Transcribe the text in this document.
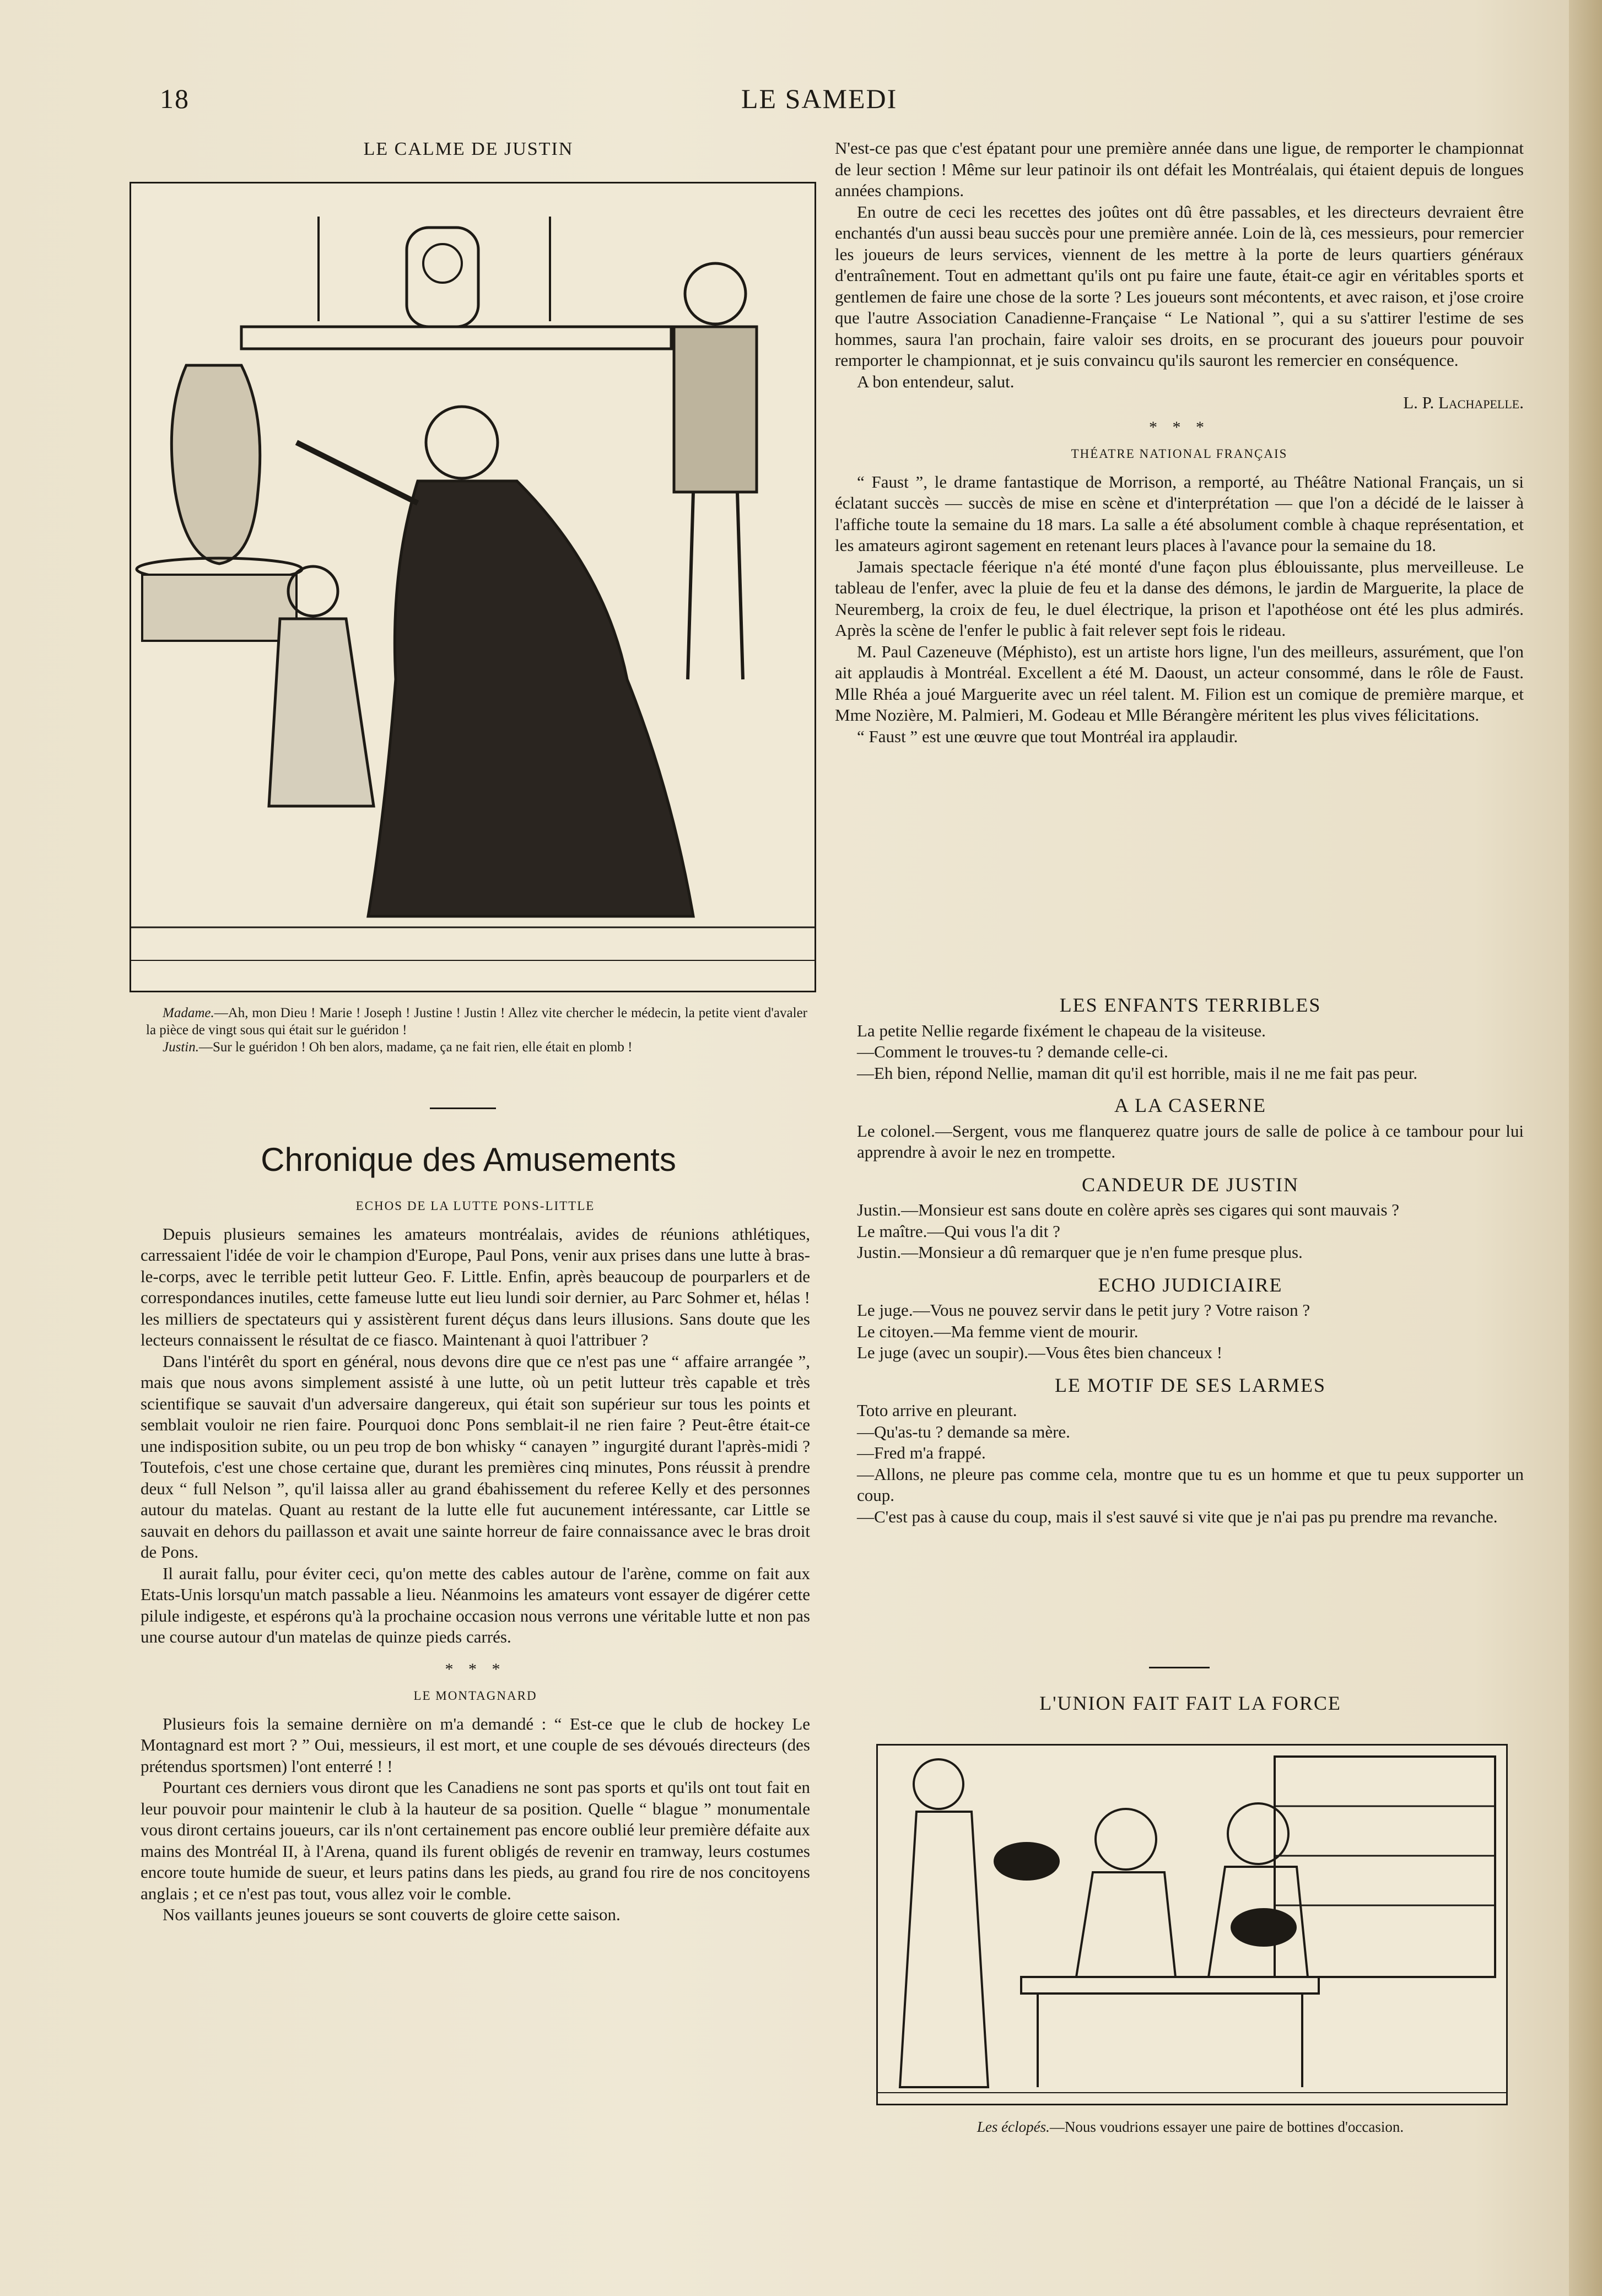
18	LE SAMEDI
LE CALME DE JUSTIN

Madame.—Ah, mon Dieu ! Marie ! Joseph ! Justine ! Justin ! Allez vite chercher le médecin, la petite vient d'avaler la pièce de vingt sous qui était sur le guéridon !

Justin.—Sur le guéridon ! Oh ben alors, madame, ça ne fait rien, elle était en plomb !

Chronique des Amusements
ECHOS DE LA LUTTE PONS-LITTLE

Depuis plusieurs semaines les amateurs montréalais, avides de réunions athlétiques, carressaient l'idée de voir le champion d'Europe, Paul Pons, venir aux prises dans une lutte à bras-le-corps, avec le terrible petit lutteur Geo. F. Little. Enfin, après beaucoup de pourparlers et de correspondances inutiles, cette fameuse lutte eut lieu lundi soir dernier, au Parc Sohmer et, hélas ! les milliers de spectateurs qui y assistèrent furent déçus dans leurs illusions. Sans doute que les lecteurs connaissent le résultat de ce fiasco. Maintenant à quoi l'attribuer ?

Dans l'intérêt du sport en général, nous devons dire que ce n'est pas une “ affaire arrangée ”, mais que nous avons simplement assisté à une lutte, où un petit lutteur très capable et très scientifique se sauvait d'un adversaire dangereux, qui était son supérieur sur tous les points et semblait vouloir ne rien faire. Pourquoi donc Pons semblait-il ne rien faire ? Peut-être était-ce une indisposition subite, ou un peu trop de bon whisky “ canayen ” ingurgité durant l'après-midi ? Toutefois, c'est une chose certaine que, durant les premières cinq minutes, Pons réussit à prendre deux “ full Nelson ”, qu'il laissa aller au grand ébahissement du referee Kelly et des personnes autour du matelas. Quant au restant de la lutte elle fut aucunement intéressante, car Little se sauvait en dehors du paillasson et avait une sainte horreur de faire connaissance avec le bras droit de Pons.

Il aurait fallu, pour éviter ceci, qu'on mette des cables autour de l'arène, comme on fait aux Etats-Unis lorsqu'un match passable a lieu. Néanmoins les amateurs vont essayer de digérer cette pilule indigeste, et espérons qu'à la prochaine occasion nous verrons une véritable lutte et non pas une course autour d'un matelas de quinze pieds carrés.

* * *
LE MONTAGNARD

Plusieurs fois la semaine dernière on m'a demandé : “ Est-ce que le club de hockey Le Montagnard est mort ? ” Oui, messieurs, il est mort, et une couple de ses dévoués directeurs (des prétendus sportsmen) l'ont enterré ! !

Pourtant ces derniers vous diront que les Canadiens ne sont pas sports et qu'ils ont tout fait en leur pouvoir pour maintenir le club à la hauteur de sa position. Quelle “ blague ” monumentale vous diront certains joueurs, car ils n'ont certainement pas encore oublié leur première défaite aux mains des Montréal II, à l'Arena, quand ils furent obligés de revenir en tramway, leurs costumes encore toute humide de sueur, et leurs patins dans les pieds, au grand fou rire de nos concitoyens anglais ; et ce n'est pas tout, vous allez voir le comble.

Nos vaillants jeunes joueurs se sont couverts de gloire cette saison.

N'est-ce pas que c'est épatant pour une première année dans une ligue, de remporter le championnat de leur section ! Même sur leur patinoir ils ont défait les Montréalais, qui étaient depuis de longues années champions.

En outre de ceci les recettes des joûtes ont dû être passables, et les directeurs devraient être enchantés d'un aussi beau succès pour une première année. Loin de là, ces messieurs, pour remercier les joueurs de leurs services, viennent de les mettre à la porte de leurs quartiers généraux d'entraînement. Tout en admettant qu'ils ont pu faire une faute, était-ce agir en véritables sports et gentlemen de faire une chose de la sorte ? Les joueurs sont mécontents, et avec raison, et j'ose croire que l'autre Association Canadienne-Française “ Le National ”, qui a su s'attirer l'estime de ses hommes, saura l'an prochain, faire valoir ses droits, en se procurant des joueurs pour pouvoir remporter le championnat, et je suis convaincu qu'ils sauront les remercier en conséquence.

A bon entendeur, salut.

L. P. Lachapelle.
* * *
THÉATRE NATIONAL FRANÇAIS

“ Faust ”, le drame fantastique de Morrison, a remporté, au Théâtre National Français, un si éclatant succès — succès de mise en scène et d'interprétation — que l'on a décidé de le laisser à l'affiche toute la semaine du 18 mars. La salle a été absolument comble à chaque représentation, et les amateurs agiront sagement en retenant leurs places à l'avance pour la semaine du 18.

Jamais spectacle féerique n'a été monté d'une façon plus éblouissante, plus merveilleuse. Le tableau de l'enfer, avec la pluie de feu et la danse des démons, le jardin de Marguerite, la place de Neuremberg, la croix de feu, le duel électrique, la prison et l'apothéose ont été les plus admirés. Après la scène de l'enfer le public à fait relever sept fois le rideau.

M. Paul Cazeneuve (Méphisto), est un artiste hors ligne, l'un des meilleurs, assurément, que l'on ait applaudis à Montréal. Excellent a été M. Daoust, un acteur consommé, dans le rôle de Faust. Mlle Rhéa a joué Marguerite avec un réel talent. M. Filion est un comique de première marque, et Mme Nozière, M. Palmieri, M. Godeau et Mlle Bérangère méritent les plus vives félicitations.

“ Faust ” est une œuvre que tout Montréal ira applaudir.

LES ENFANTS TERRIBLES

La petite Nellie regarde fixément le chapeau de la visiteuse.

—Comment le trouves-tu ? demande celle-ci.

—Eh bien, répond Nellie, maman dit qu'il est horrible, mais il ne me fait pas peur.

A LA CASERNE

Le colonel.—Sergent, vous me flanquerez quatre jours de salle de police à ce tambour pour lui apprendre à avoir le nez en trompette.

CANDEUR DE JUSTIN

Justin.—Monsieur est sans doute en colère après ses cigares qui sont mauvais ?

Le maître.—Qui vous l'a dit ?

Justin.—Monsieur a dû remarquer que je n'en fume presque plus.

ECHO JUDICIAIRE

Le juge.—Vous ne pouvez servir dans le petit jury ? Votre raison ?

Le citoyen.—Ma femme vient de mourir.

Le juge (avec un soupir).—Vous êtes bien chanceux !

LE MOTIF DE SES LARMES

Toto arrive en pleurant.

—Qu'as-tu ? demande sa mère.

—Fred m'a frappé.

—Allons, ne pleure pas comme cela, montre que tu es un homme et que tu peux supporter un coup.

—C'est pas à cause du coup, mais il s'est sauvé si vite que je n'ai pas pu prendre ma revanche.

L'UNION FAIT FAIT LA FORCE
Les éclopés.—Nous voudrions essayer une paire de bottines d'occasion.
